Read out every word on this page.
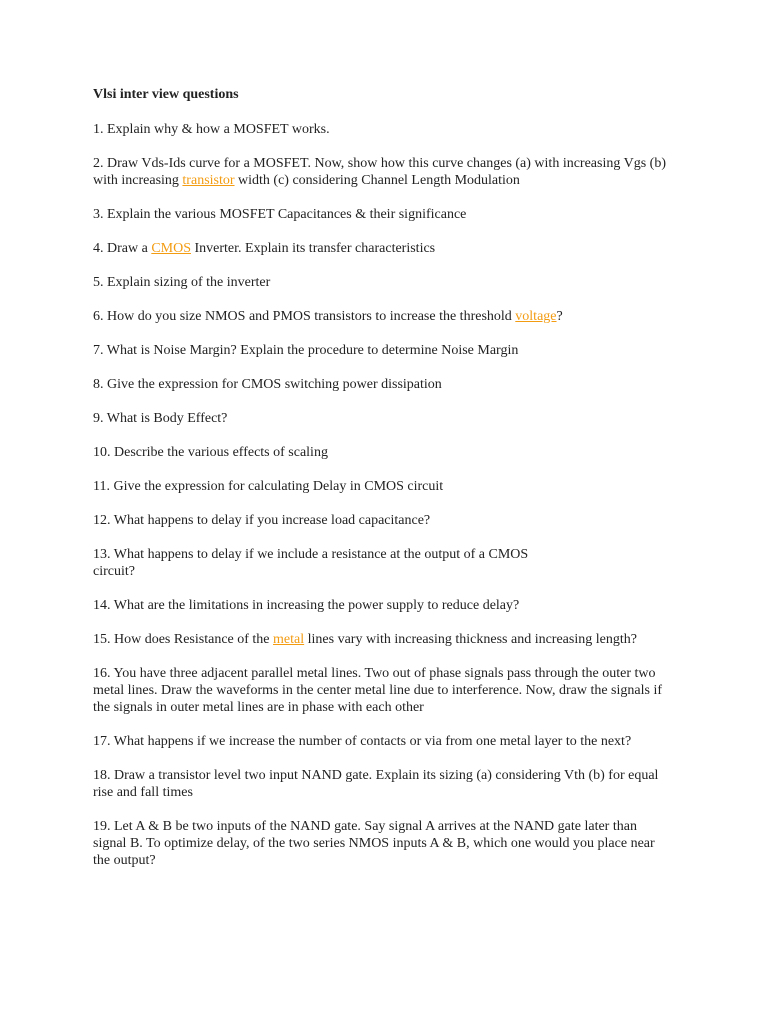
Vlsi inter view questions
1. Explain why & how a MOSFET works.
2. Draw Vds-Ids curve for a MOSFET. Now, show how this curve changes (a) with increasing Vgs (b) with increasing transistor width (c) considering Channel Length Modulation
3. Explain the various MOSFET Capacitances & their significance
4. Draw a CMOS Inverter. Explain its transfer characteristics
5. Explain sizing of the inverter
6. How do you size NMOS and PMOS transistors to increase the threshold voltage?
7. What is Noise Margin? Explain the procedure to determine Noise Margin
8. Give the expression for CMOS switching power dissipation
9. What is Body Effect?
10. Describe the various effects of scaling
11. Give the expression for calculating Delay in CMOS circuit
12. What happens to delay if you increase load capacitance?
13. What happens to delay if we include a resistance at the output of a CMOS
circuit?
14. What are the limitations in increasing the power supply to reduce delay?
15. How does Resistance of the metal lines vary with increasing thickness and increasing length?
16. You have three adjacent parallel metal lines. Two out of phase signals pass through the outer two metal lines. Draw the waveforms in the center metal line due to interference. Now, draw the signals if the signals in outer metal lines are in phase with each other
17. What happens if we increase the number of contacts or via from one metal layer to the next?
18. Draw a transistor level two input NAND gate. Explain its sizing (a) considering Vth (b) for equal rise and fall times
19. Let A & B be two inputs of the NAND gate. Say signal A arrives at the NAND gate later than signal B. To optimize delay, of the two series NMOS inputs A & B, which one would you place near the output?
